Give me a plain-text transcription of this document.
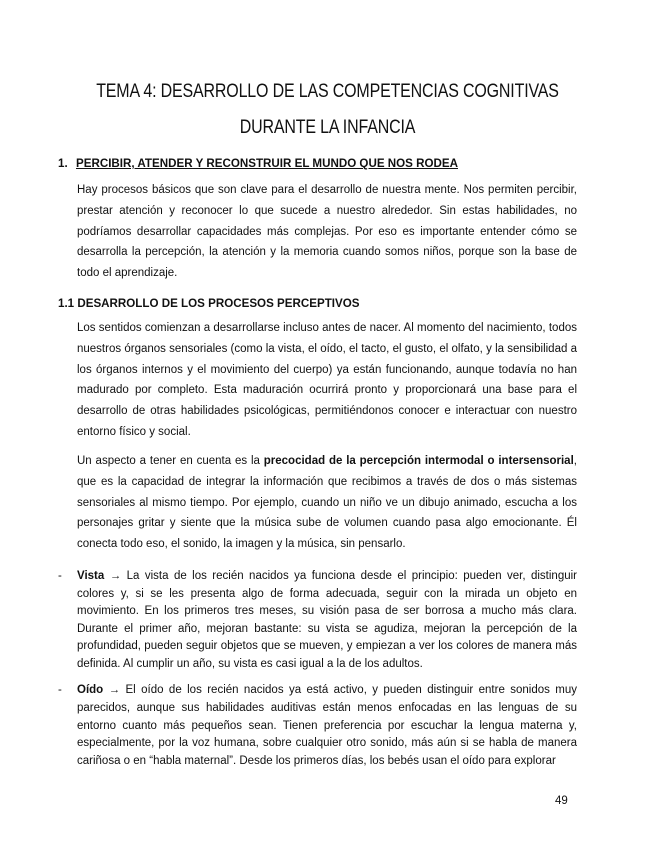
TEMA 4: DESARROLLO DE LAS COMPETENCIAS COGNITIVAS
DURANTE LA INFANCIA
1. PERCIBIR, ATENDER Y RECONSTRUIR EL MUNDO QUE NOS RODEA

Hay procesos básicos que son clave para el desarrollo de nuestra mente. Nos permiten percibir, prestar atención y reconocer lo que sucede a nuestro alrededor. Sin estas habilidades, no podríamos desarrollar capacidades más complejas. Por eso es importante entender cómo se desarrolla la percepción, la atención y la memoria cuando somos niños, porque son la base de todo el aprendizaje.

1.1 DESARROLLO DE LOS PROCESOS PERCEPTIVOS

Los sentidos comienzan a desarrollarse incluso antes de nacer. Al momento del nacimiento, todos nuestros órganos sensoriales (como la vista, el oído, el tacto, el gusto, el olfato, y la sensibilidad a los órganos internos y el movimiento del cuerpo) ya están funcionando, aunque todavía no han madurado por completo. Esta maduración ocurrirá pronto y proporcionará una base para el desarrollo de otras habilidades psicológicas, permitiéndonos conocer e interactuar con nuestro entorno físico y social.

Un aspecto a tener en cuenta es la precocidad de la percepción intermodal o intersensorial, que es la capacidad de integrar la información que recibimos a través de dos o más sistemas sensoriales al mismo tiempo. Por ejemplo, cuando un niño ve un dibujo animado, escucha a los personajes gritar y siente que la música sube de volumen cuando pasa algo emocionante. Él conecta todo eso, el sonido, la imagen y la música, sin pensarlo.

- Vista → La vista de los recién nacidos ya funciona desde el principio: pueden ver, distinguir colores y, si se les presenta algo de forma adecuada, seguir con la mirada un objeto en movimiento. En los primeros tres meses, su visión pasa de ser borrosa a mucho más clara. Durante el primer año, mejoran bastante: su vista se agudiza, mejoran la percepción de la profundidad, pueden seguir objetos que se mueven, y empiezan a ver los colores de manera más definida. Al cumplir un año, su vista es casi igual a la de los adultos.
- Oído → El oído de los recién nacidos ya está activo, y pueden distinguir entre sonidos muy parecidos, aunque sus habilidades auditivas están menos enfocadas en las lenguas de su entorno cuanto más pequeños sean. Tienen preferencia por escuchar la lengua materna y, especialmente, por la voz humana, sobre cualquier otro sonido, más aún si se habla de manera cariñosa o en “habla maternal”. Desde los primeros días, los bebés usan el oído para explorar
49
